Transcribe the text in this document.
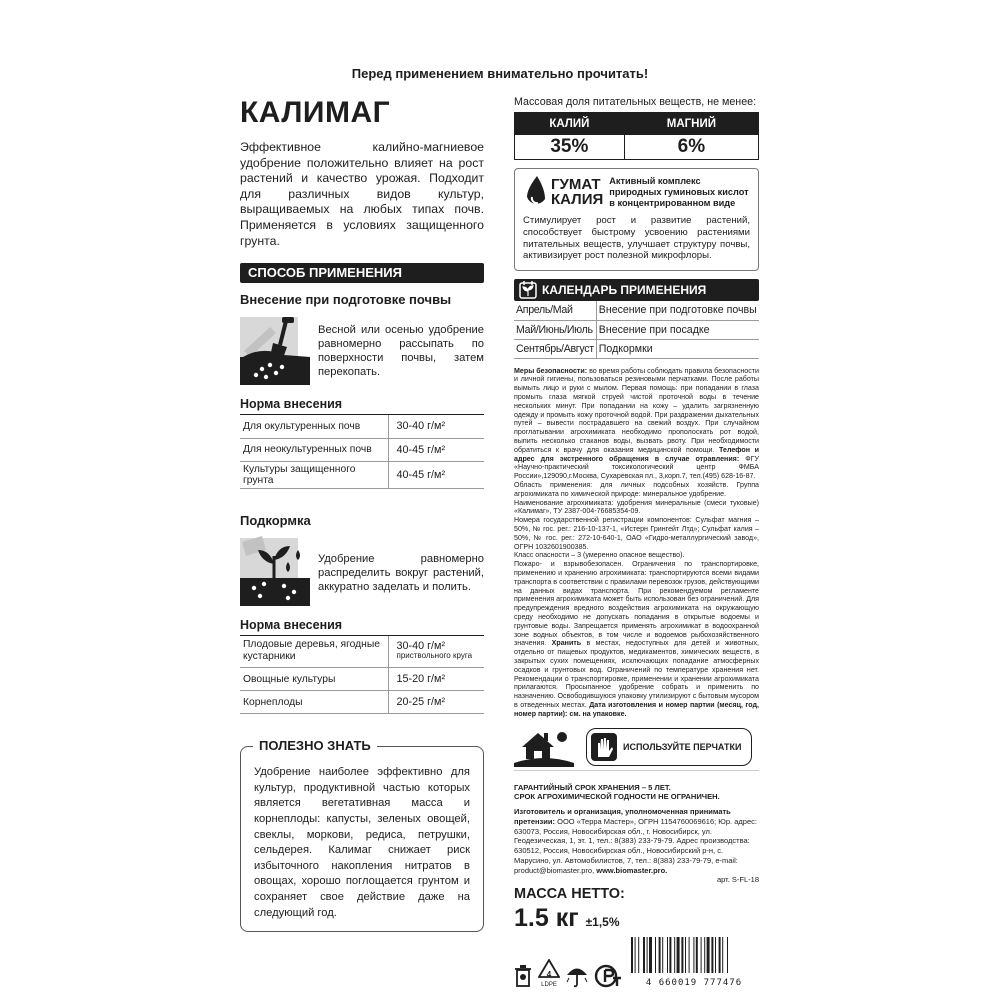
Перед применением внимательно прочитать!
КАЛИМАГ
Эффективное калийно-магниевое удобрение положительно влияет на рост растений и качество урожая. Подходит для различных видов культур, выращиваемых на любых типах почв. Применяется в условиях защищенного грунта.
СПОСОБ ПРИМЕНЕНИЯ
Внесение при подготовке почвы
Весной или осенью удобрение равномерно рассыпать по поверхности почвы, затем перекопать.
Норма внесения
Для окультуренных почв	30-40 г/м²
Для неокультуренных почв	40-45 г/м²
Культуры защищенного грунта	40-45 г/м²
Подкормка
Удобрение равномерно распределить вокруг растений, аккуратно заделать и полить.
Норма внесения
Плодовые деревья, ягодные кустарники	30-40 г/м²
приствольного круга

Овощные культуры	15-20 г/м²
Корнеплоды	20-25 г/м²
ПОЛЕЗНО ЗНАТЬ
Удобрение наиболее эффективно для культур, продуктивной частью которых является вегетативная масса и корнеплоды: капусты, зеленых овощей, свеклы, моркови, редиса, петрушки, сельдерея. Калимаг снижает риск избыточного накопления нитратов в овощах, хорошо поглощается грунтом и сохраняет свое действие даже на следующий год.
Массовая доля питательных веществ, не менее:
КАЛИЙ	МАГНИЙ
35%	6%
ГУМАТ
КАЛИЯ
Активный комплекс природных гуминовых кислот в концентрированном виде
Стимулирует рост и развитие растений, способствует быстрому усвоению растениями питательных веществ, улучшает структуру почвы, активизирует рост полезной микрофлоры.
КАЛЕНДАРЬ ПРИМЕНЕНИЯ
Апрель/Май	Внесение при подготовке почвы
Май/Июнь/Июль	Внесение при посадке
Сентябрь/Август	Подкормки
Меры безопасности: во время работы соблюдать правила безопасности и личной гигиены, пользоваться резиновыми перчатками. После работы вымыть лицо и руки с мылом. Первая помощь: при попадании в глаза промыть глаза мягкой струей чистой проточной воды в течение нескольких минут. При попадании на кожу – удалить загрязненную одежду и промыть кожу проточной водой. При раздражении дыхательных путей – вывести пострадавшего на свежий воздух. При случайном проглатывании агрохимиката необходимо прополоскать рот водой, выпить несколько стаканов воды, вызвать рвоту. При необходимости обратиться к врачу для оказания медицинской помощи. Телефон и адрес для экстренного обращения в случае отравления: ФГУ «Научно-практический токсикологический центр ФМБА России»,129090,г.Москва, Сухаревская пл., 3,корп.7, тел.(495) 628-16-87.
Область применения: для личных подсобных хозяйств. Группа агрохимиката по химической природе: минеральное удобрение.
Наименование агрохимиката: удобрения минеральные (смеси туковые) «Калимаг», ТУ 2387-004-76685354-09.
Номера государственной регистрации компонентов: Сульфат магния – 50%, № гос. рег.: 216-10-137-1, «Истерн Грингейт Лтд»; Сульфат калия – 50%, № гос. рег.: 272-10-640-1, ОАО «Гидро-металлургический завод», ОГРН 1032601900385.
Класс опасности – 3 (умеренно опасное вещество).
Пожаро- и взрывобезопасен. Ограничения по транспортировке, применению и хранению агрохимиката: транспортируются всеми видами транспорта в соответствии с правилами перевозок грузов, действующими на данных видах транспорта. При рекомендуемом регламенте применения агрохимиката может быть использован без ограничений. Для предупреждения вредного воздействия агрохимиката на окружающую среду необходимо не допускать попадания в открытые водоемы и грунтовые воды. Запрещается применять агрохимикат в водоохранной зоне водных объектов, в том числе и водоемов рыбохозяйственного значения. Хранить в местах, недоступных для детей и животных, отдельно от пищевых продуктов, медикаментов, химических веществ, в закрытых сухих помещениях, исключающих попадание атмосферных осадков и грунтовых вод. Ограничений по температуре хранения нет. Рекомендации о транспортировке, применении и хранении агрохимиката прилагаются. Просыпанное удобрение собрать и применить по назначению. Освободившуюся упаковку утилизируют с бытовым мусором в отведенных местах. Дата изготовления и номер партии (месяц, год, номер партии): см. на упаковке.
ИСПОЛЬЗУЙТЕ ПЕРЧАТКИ
ГАРАНТИЙНЫЙ СРОК ХРАНЕНИЯ – 5 ЛЕТ.
СРОК АГРОХИМИЧЕСКОЙ ГОДНОСТИ НЕ ОГРАНИЧЕН.
Изготовитель и организация, уполномоченная принимать претензии: ООО «Терра Мастер», ОГРН 1154760069616; Юр. адрес: 630073, Россия, Новосибирская обл., г. Новосибирск, ул. Геодезическая, 1, эт. 1, тел.: 8(383) 233-79-79. Адрес производства: 630512, Россия, Новосибирская обл., Новосибирский р-н, с. Марусино, ул. Автомобилистов, 7, тел.: 8(383) 233-79-79, e-mail: product@biomaster.pro, www.biomaster.pro.
арт. S-FL-18
МАССА НЕТТО:
1.5 кг ±1,5%
4
LDPE	4 660019 777476
